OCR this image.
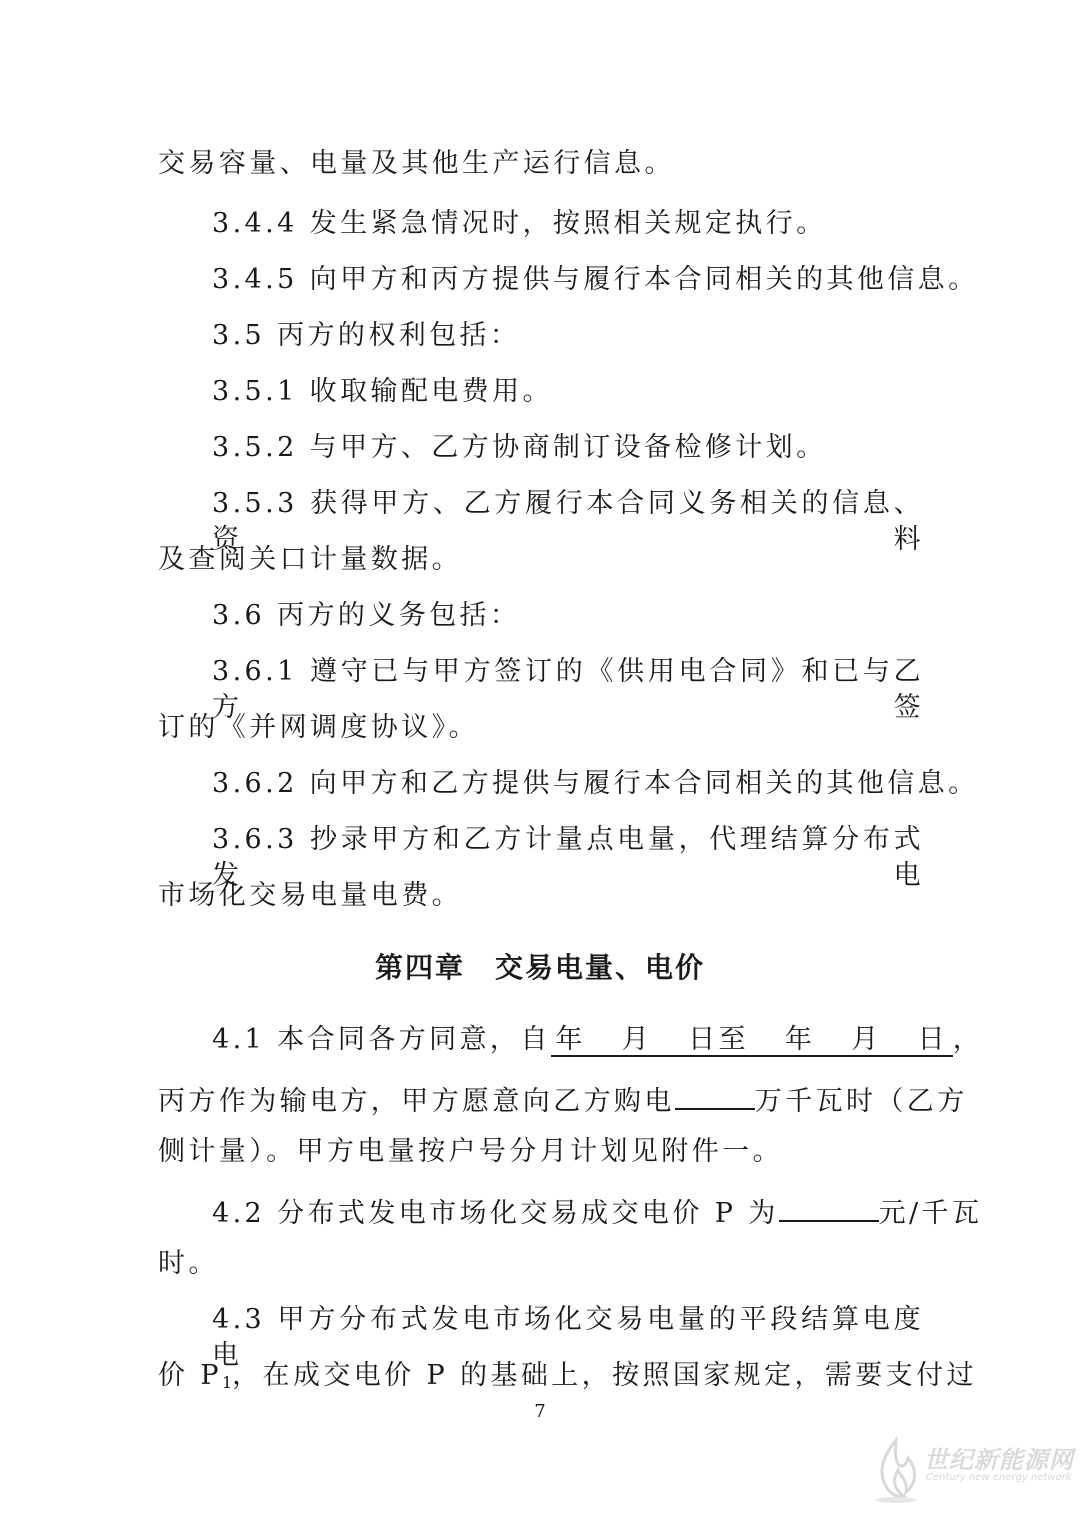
交易容量、电量及其他生产运行信息。
3.4.4 发生紧急情况时，按照相关规定执行。
3.4.5 向甲方和丙方提供与履行本合同相关的其他信息。
3.5 丙方的权利包括：
3.5.1 收取输配电费用。
3.5.2 与甲方、乙方协商制订设备检修计划。
3.5.3 获得甲方、乙方履行本合同义务相关的信息、资料
及查阅关口计量数据。
3.6 丙方的义务包括：
3.6.1 遵守已与甲方签订的《供用电合同》和已与乙方签
订的《并网调度协议》。
3.6.2 向甲方和乙方提供与履行本合同相关的其他信息。
3.6.3 抄录甲方和乙方计量点电量，代理结算分布式发电
市场化交易电量电费。
第四章 交易电量、电价
4.1 本合同各方同意，自 年 月 日至 年 月 日 ，
丙方作为输电方，甲方愿意向乙方购电	万千瓦时（乙方
侧计量）。甲方电量按户号分月计划见附件一。
4.2 分布式发电市场化交易成交电价 P 为	元/千瓦
时。
4.3 甲方分布式发电市场化交易电量的平段结算电度电
价 $P_1$，在成交电价 P 的基础上，按照国家规定，需要支付过
7
世纪新能源网
Century new energy network
